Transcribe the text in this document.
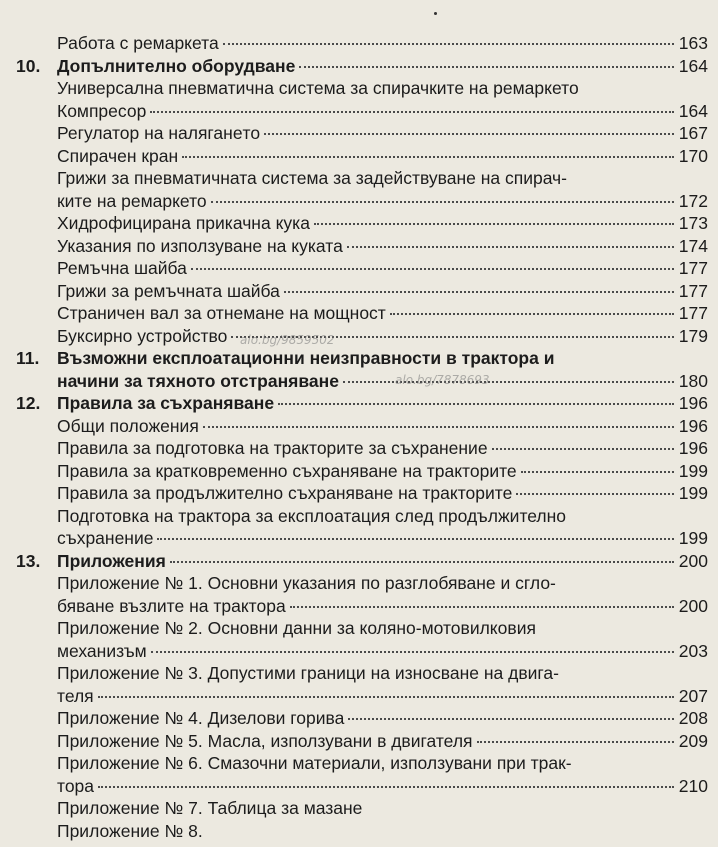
Работа с ремаркета	163
10. Допълнително оборудване	164
Универсална пневматична система за спирачките на ремаркето
Компресор	164
Регулатор на наляганeто	167
Спирачен кран	170
Грижи за пневматичната система за задействуване на спирач-
ките на ремаркето	172
Хидрофицирана прикачна кука	173
Указания по използуване на куката	174
Ремъчна шайба	177
Грижи за ремъчната шайба	177
Страничен вал за отнемане на мощност	177
Буксирно устройство	179
11. Възможни експлоатационни неизправности в трактора и
начини за тяхното отстраняване	180
12. Правила за съхраняване	196
Общи положения	196
Правила за подготовка на тракторите за съхранение	196
Правила за кратковременно съхраняване на тракторите	199
Правила за продължително съхраняване на тракторите	199
Подготовка на трактора за експлоатация след продължително
съхранение	199
13. Приложения	200
Приложение № 1. Основни указания по разглобяване и сгло-
бяване възлите на трактора	200
Приложение № 2. Основни данни за коляно-мотовилковия
механизъм	203
Приложение № 3. Допустими граници на износване на двига-
теля	207
Приложение № 4. Дизелови горива	208
Приложение № 5. Масла, използувани в двигателя	209
Приложение № 6. Смазочни материали, използувани при трак-
тора	210
Приложение № 7. Таблица за мазане
Приложение № 8.
alo.bg/9859502
alo.bg/7878693
